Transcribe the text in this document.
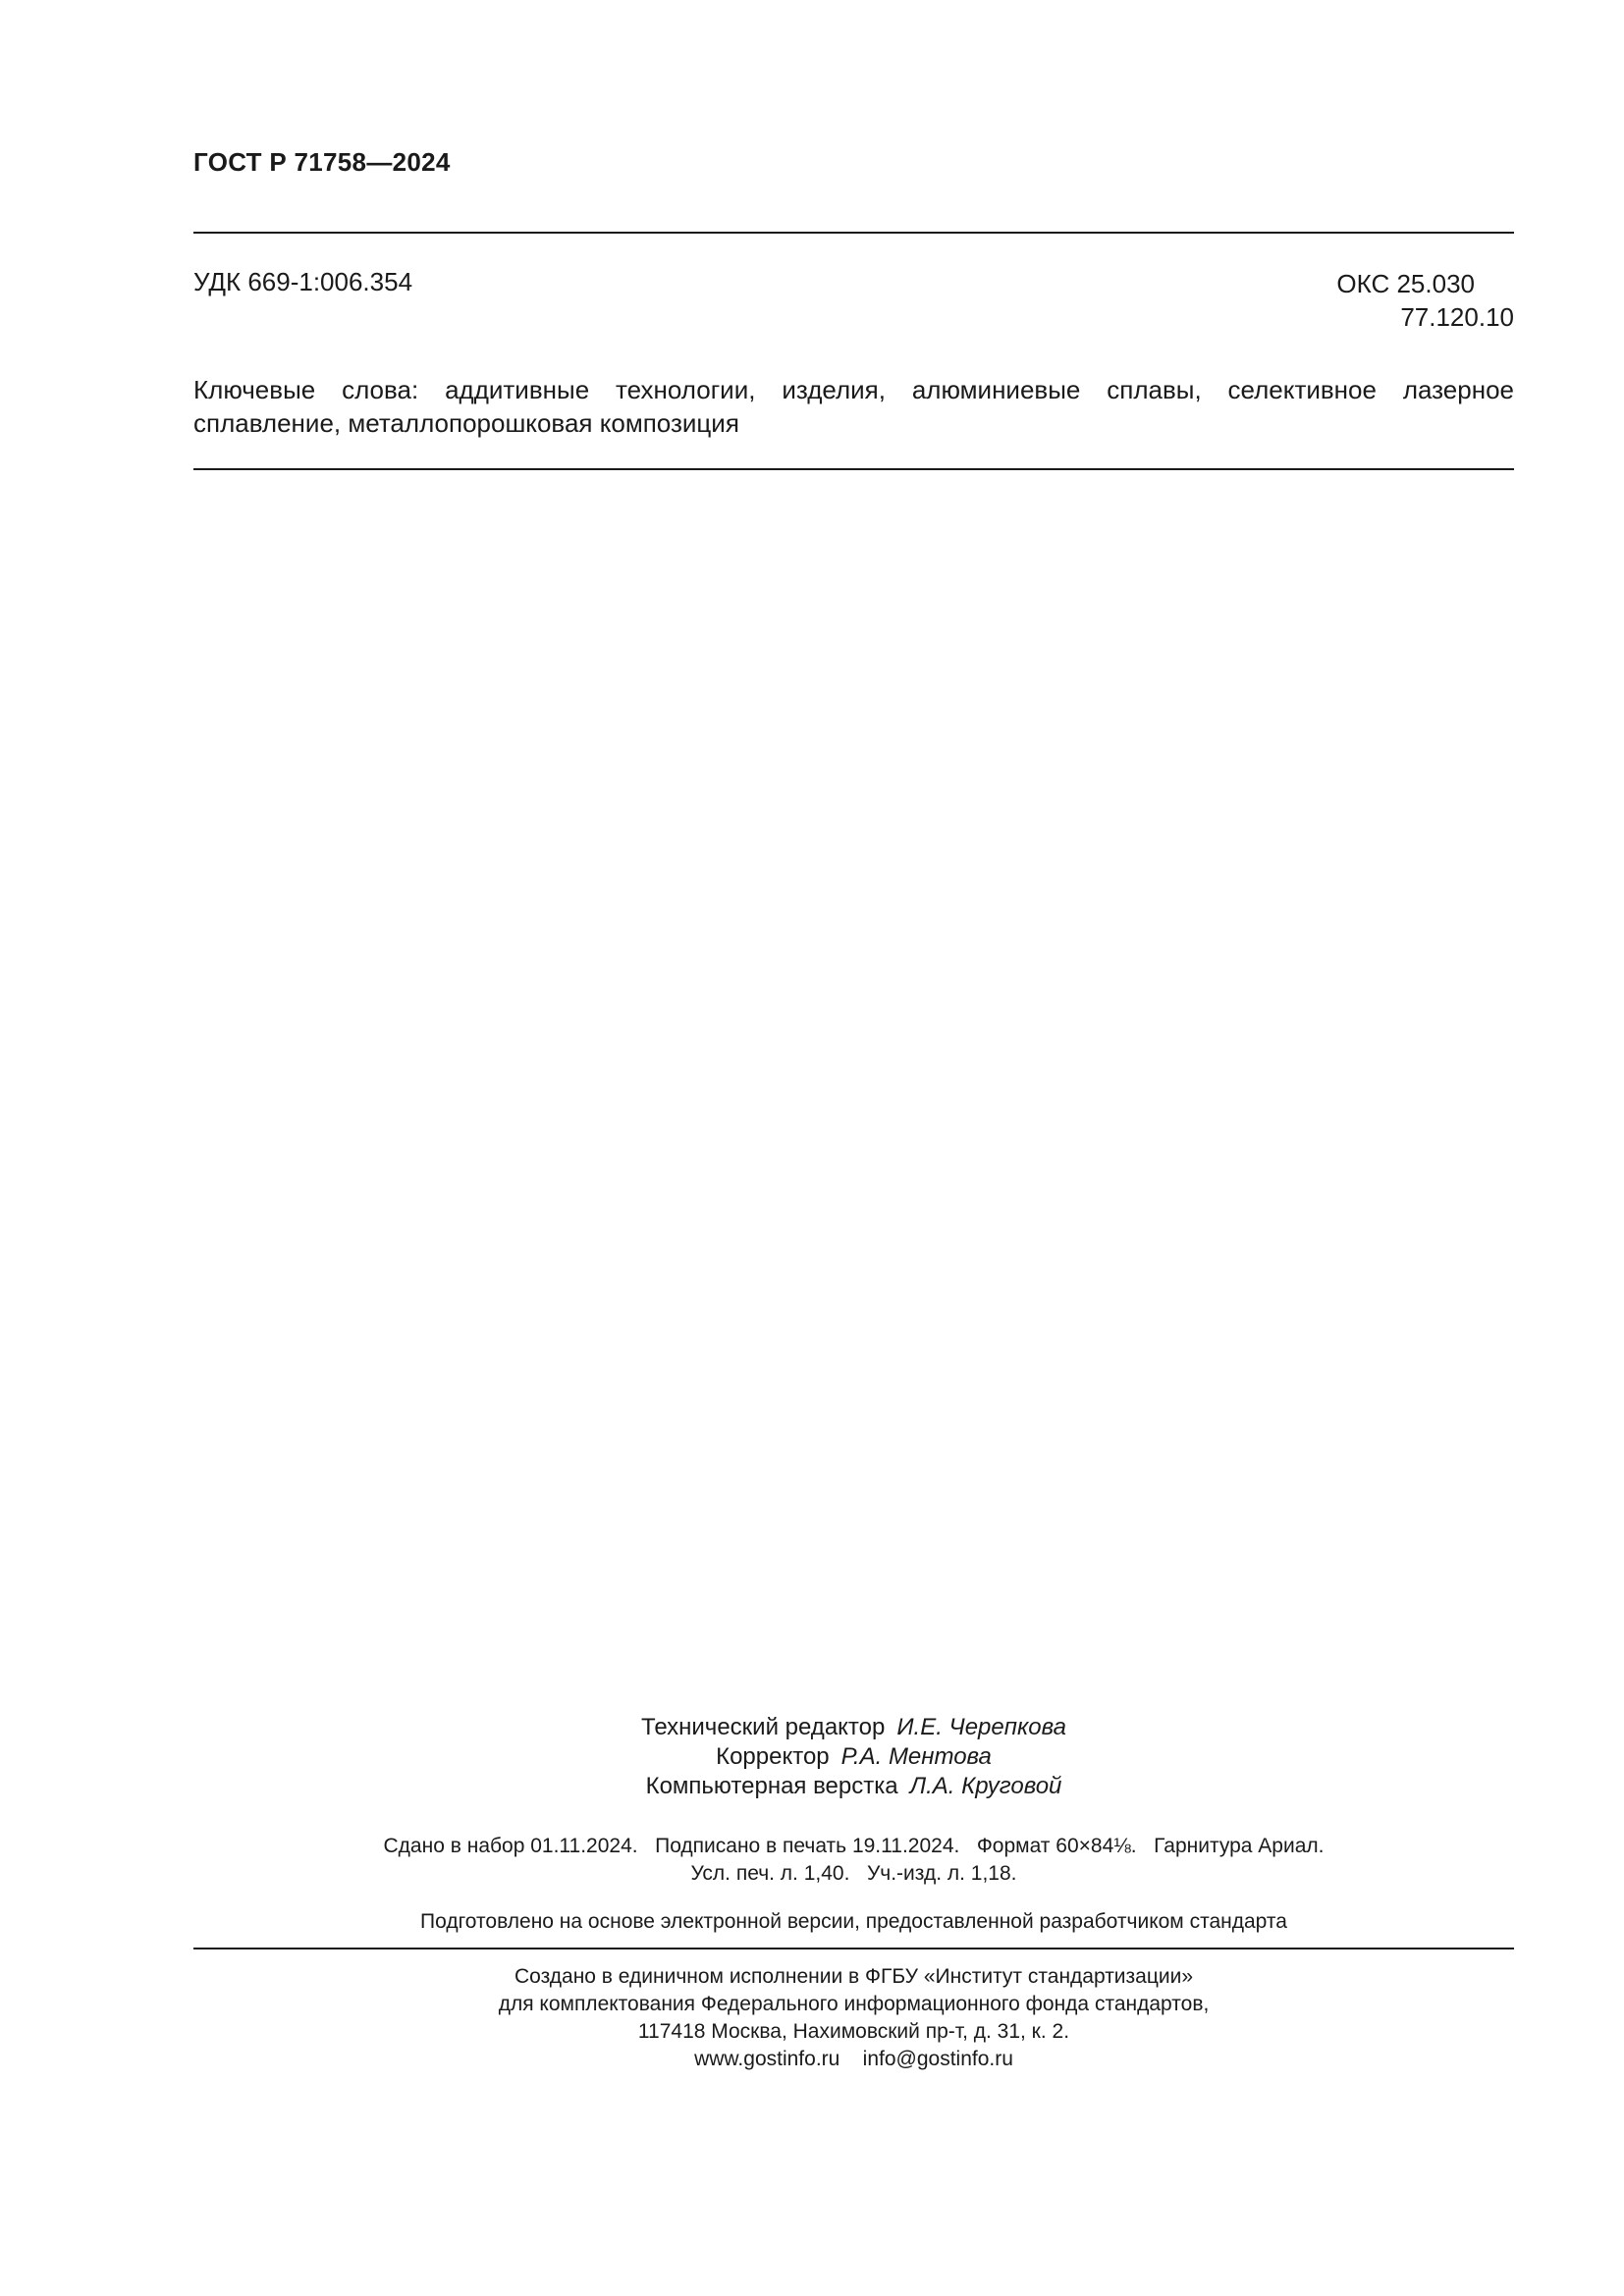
ГОСТ Р 71758—2024
УДК 669-1:006.354	ОКС 25.030
77.120.10
Ключевые слова: аддитивные технологии, изделия, алюминиевые сплавы, селективное лазерное сплавление, металлопорошковая композиция
Технический редактор И.Е. Черепкова
Корректор Р.А. Ментова
Компьютерная верстка Л.А. Круговой
Сдано в набор 01.11.2024.   Подписано в печать 19.11.2024.   Формат 60×84⅛.   Гарнитура Ариал.
Усл. печ. л. 1,40.   Уч.-изд. л. 1,18.
Подготовлено на основе электронной версии, предоставленной разработчиком стандарта
Создано в единичном исполнении в ФГБУ «Институт стандартизации»
для комплектования Федерального информационного фонда стандартов,
117418 Москва, Нахимовский пр-т, д. 31, к. 2.
www.gostinfo.ru    info@gostinfo.ru
